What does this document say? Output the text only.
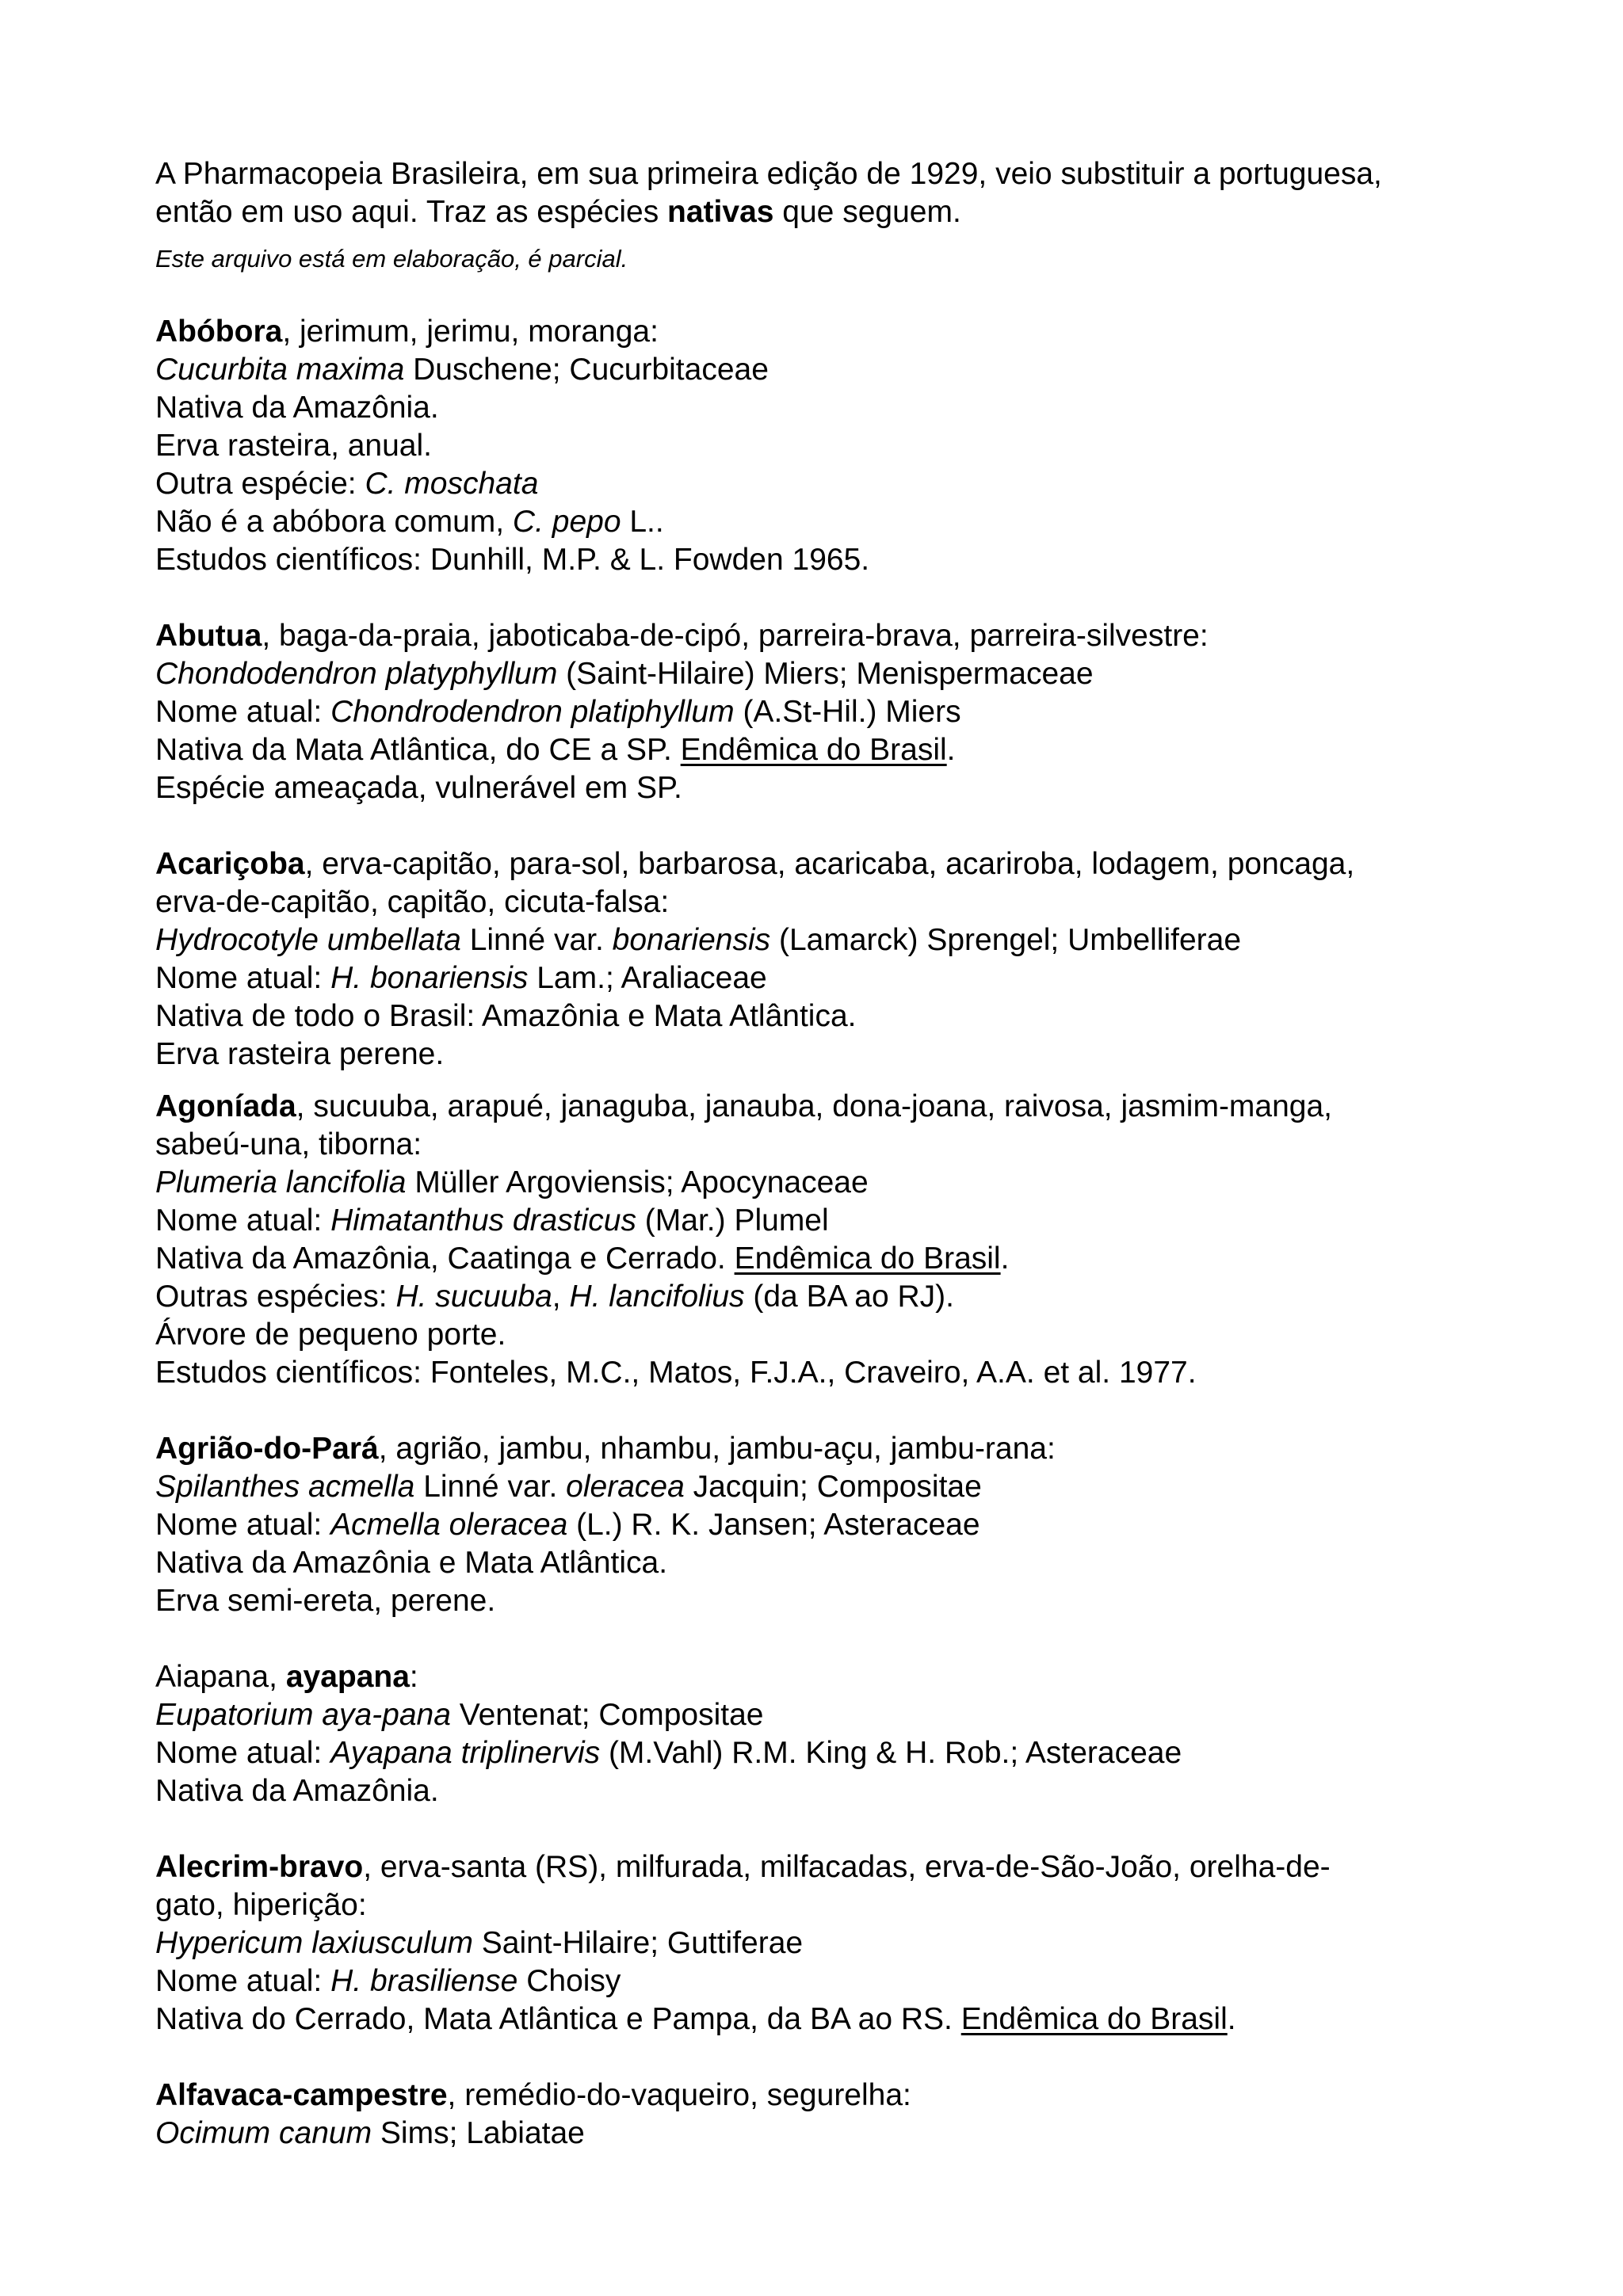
A Pharmacopeia Brasileira, em sua primeira edição de 1929, veio substituir a portuguesa,
então em uso aqui. Traz as espécies nativas que seguem.
Este arquivo está em elaboração, é parcial.
Abóbora, jerimum, jerimu, moranga:
Cucurbita maxima Duschene; Cucurbitaceae
Nativa da Amazônia.
Erva rasteira, anual.
Outra espécie: C. moschata
Não é a abóbora comum, C. pepo L..
Estudos científicos: Dunhill, M.P. & L. Fowden 1965.
Abutua, baga-da-praia, jaboticaba-de-cipó, parreira-brava, parreira-silvestre:
Chondodendron platyphyllum (Saint-Hilaire) Miers; Menispermaceae
Nome atual: Chondrodendron platiphyllum (A.St-Hil.) Miers
Nativa da Mata Atlântica, do CE a SP. Endêmica do Brasil.
Espécie ameaçada, vulnerável em SP.
Acariçoba, erva-capitão, para-sol, barbarosa, acaricaba, acariroba, lodagem, poncaga,
erva-de-capitão, capitão, cicuta-falsa:
Hydrocotyle umbellata Linné var. bonariensis (Lamarck) Sprengel; Umbelliferae
Nome atual: H. bonariensis Lam.; Araliaceae
Nativa de todo o Brasil: Amazônia e Mata Atlântica.
Erva rasteira perene.
Agoníada, sucuuba, arapué, janaguba, janauba, dona-joana, raivosa, jasmim-manga,
sabeú-una, tiborna:
Plumeria lancifolia Müller Argoviensis; Apocynaceae
Nome atual: Himatanthus drasticus (Mar.) Plumel
Nativa da Amazônia, Caatinga e Cerrado. Endêmica do Brasil.
Outras espécies: H. sucuuba, H. lancifolius (da BA ao RJ).
Árvore de pequeno porte.
Estudos científicos: Fonteles, M.C., Matos, F.J.A., Craveiro, A.A. et al. 1977.
Agrião-do-Pará, agrião, jambu, nhambu, jambu-açu, jambu-rana:
Spilanthes acmella Linné var. oleracea Jacquin; Compositae
Nome atual: Acmella oleracea (L.) R. K. Jansen; Asteraceae
Nativa da Amazônia e Mata Atlântica.
Erva semi-ereta, perene.
Aiapana, ayapana:
Eupatorium aya-pana Ventenat; Compositae
Nome atual: Ayapana triplinervis (M.Vahl) R.M. King & H. Rob.; Asteraceae
Nativa da Amazônia.
Alecrim-bravo, erva-santa (RS), milfurada, milfacadas, erva-de-São-João, orelha-de-
gato, hiperição:
Hypericum laxiusculum Saint-Hilaire; Guttiferae
Nome atual: H. brasiliense Choisy
Nativa do Cerrado, Mata Atlântica e Pampa, da BA ao RS. Endêmica do Brasil.
Alfavaca-campestre, remédio-do-vaqueiro, segurelha:
Ocimum canum Sims; Labiatae
